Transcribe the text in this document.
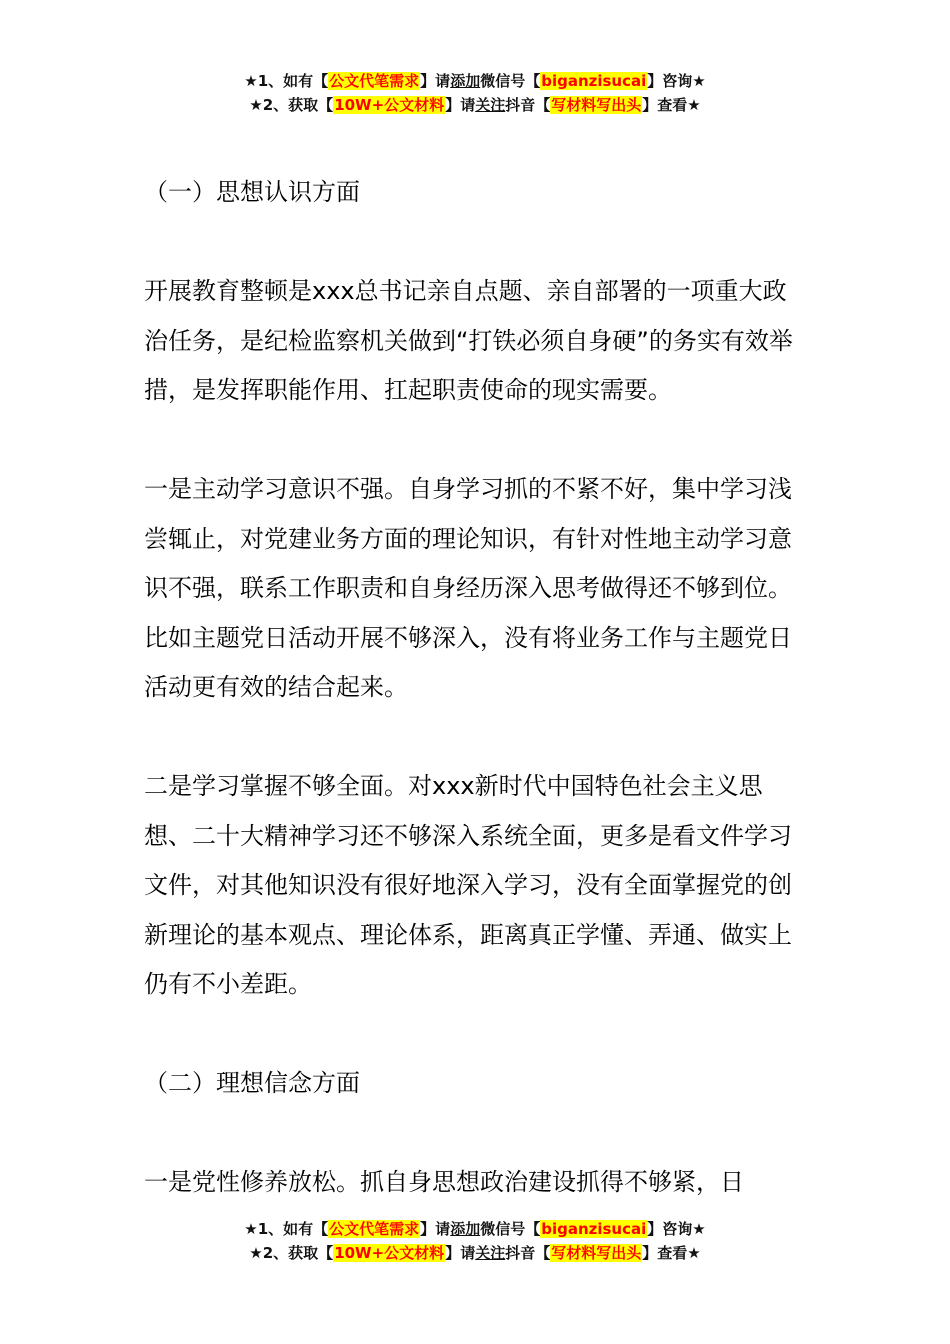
★1、如有【公文代笔需求】请添加微信号【biganzisucai】咨询★
★2、获取【10W+公文材料】请关注抖音【写材料写出头】查看★

（一）思想认识方面

开展教育整顿是xxx总书记亲自点题、亲自部署的一项重大政治任务，是纪检监察机关做到“打铁必须自身硬”的务实有效举措，是发挥职能作用、扛起职责使命的现实需要。

一是主动学习意识不强。自身学习抓的不紧不好，集中学习浅尝辄止，对党建业务方面的理论知识，有针对性地主动学习意识不强，联系工作职责和自身经历深入思考做得还不够到位。比如主题党日活动开展不够深入，没有将业务工作与主题党日活动更有效的结合起来。

二是学习掌握不够全面。对xxx新时代中国特色社会主义思想、二十大精神学习还不够深入系统全面，更多是看文件学习文件，对其他知识没有很好地深入学习，没有全面掌握党的创新理论的基本观点、理论体系，距离真正学懂、弄通、做实上仍有不小差距。

（二）理想信念方面

一是党性修养放松。抓自身思想政治建设抓得不够紧，日

★1、如有【公文代笔需求】请添加微信号【biganzisucai】咨询★
★2、获取【10W+公文材料】请关注抖音【写材料写出头】查看★
